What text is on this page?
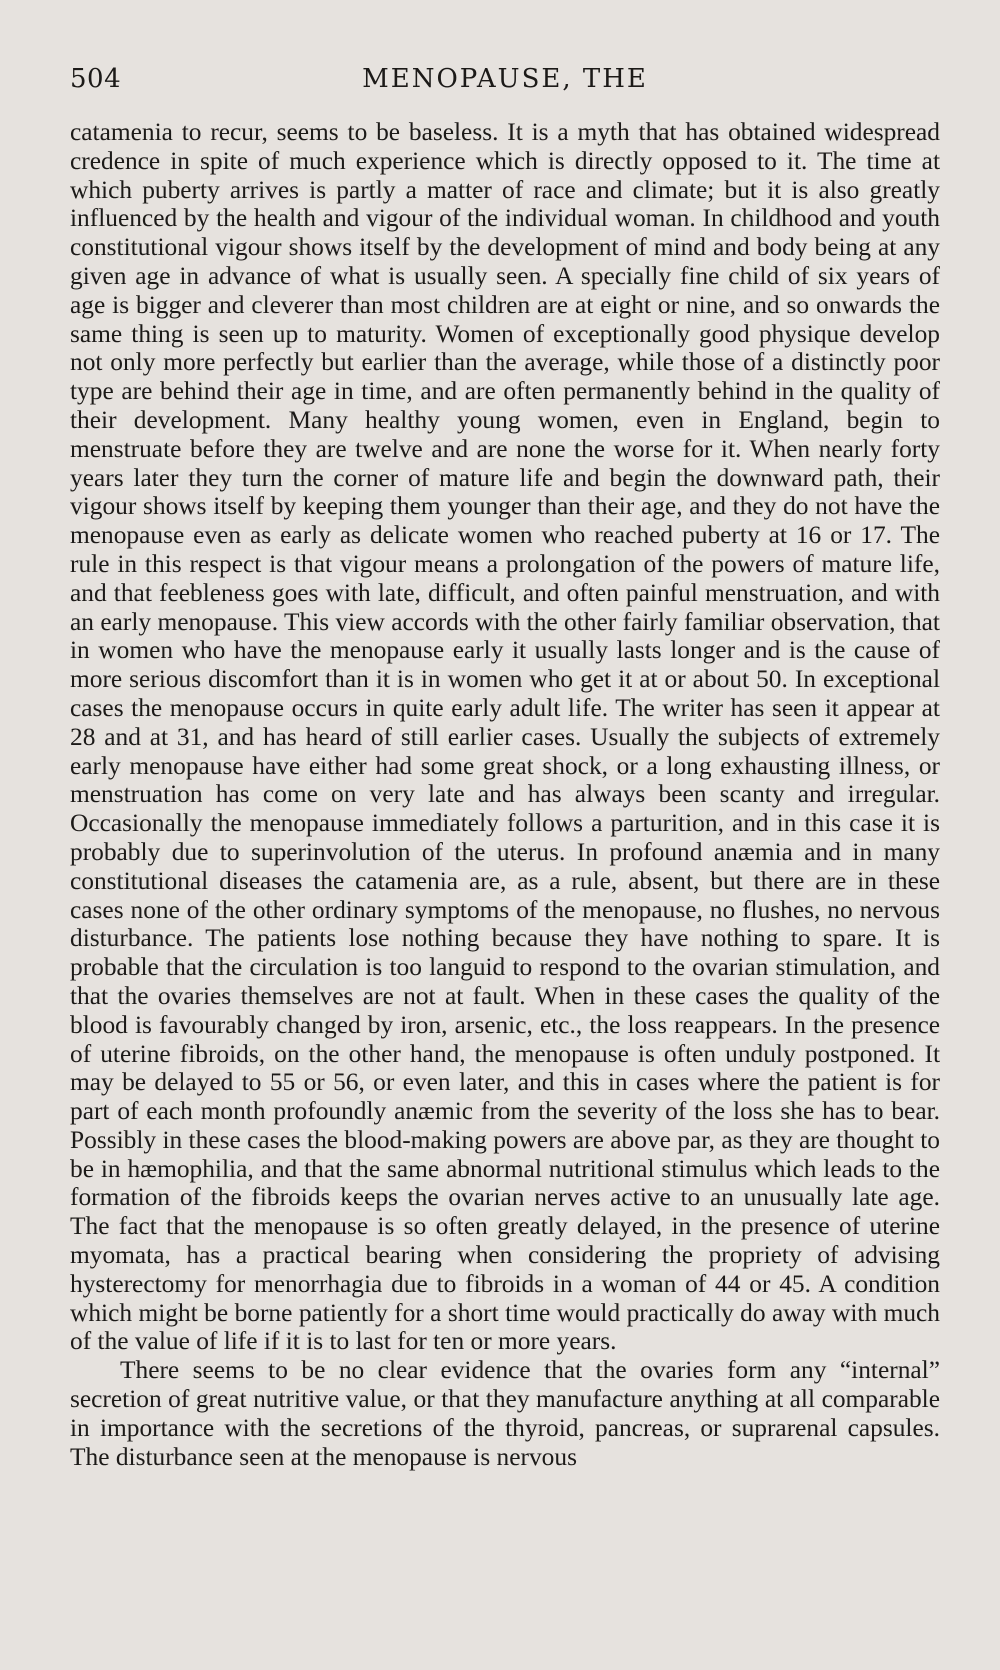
504	MENOPAUSE, THE

catamenia to recur, seems to be baseless. It is a myth that has obtained widespread credence in spite of much experience which is directly opposed to it. The time at which puberty arrives is partly a matter of race and climate; but it is also greatly influenced by the health and vigour of the individual woman. In childhood and youth constitutional vigour shows itself by the development of mind and body being at any given age in advance of what is usually seen. A specially fine child of six years of age is bigger and cleverer than most children are at eight or nine, and so onwards the same thing is seen up to maturity. Women of exceptionally good physique develop not only more perfectly but earlier than the average, while those of a distinctly poor type are behind their age in time, and are often permanently behind in the quality of their development. Many healthy young women, even in England, begin to menstruate before they are twelve and are none the worse for it. When nearly forty years later they turn the corner of mature life and begin the downward path, their vigour shows itself by keeping them younger than their age, and they do not have the menopause even as early as delicate women who reached puberty at 16 or 17. The rule in this respect is that vigour means a prolongation of the powers of mature life, and that feebleness goes with late, difficult, and often painful menstruation, and with an early menopause. This view accords with the other fairly familiar observation, that in women who have the menopause early it usually lasts longer and is the cause of more serious discomfort than it is in women who get it at or about 50. In exceptional cases the menopause occurs in quite early adult life. The writer has seen it appear at 28 and at 31, and has heard of still earlier cases. Usually the subjects of extremely early menopause have either had some great shock, or a long exhausting illness, or menstruation has come on very late and has always been scanty and irregular. Occasionally the menopause immediately follows a parturition, and in this case it is probably due to superinvolution of the uterus. In profound anæmia and in many constitutional diseases the catamenia are, as a rule, absent, but there are in these cases none of the other ordinary symptoms of the menopause, no flushes, no nervous disturbance. The patients lose nothing because they have nothing to spare. It is probable that the circulation is too languid to respond to the ovarian stimulation, and that the ovaries themselves are not at fault. When in these cases the quality of the blood is favourably changed by iron, arsenic, etc., the loss reappears. In the presence of uterine fibroids, on the other hand, the menopause is often unduly postponed. It may be delayed to 55 or 56, or even later, and this in cases where the patient is for part of each month profoundly anæmic from the severity of the loss she has to bear. Possibly in these cases the blood-making powers are above par, as they are thought to be in hæmophilia, and that the same abnormal nutritional stimulus which leads to the formation of the fibroids keeps the ovarian nerves active to an unusually late age. The fact that the menopause is so often greatly delayed, in the presence of uterine myomata, has a practical bearing when considering the propriety of advising hysterectomy for menorrhagia due to fibroids in a woman of 44 or 45. A condition which might be borne patiently for a short time would practically do away with much of the value of life if it is to last for ten or more years.

There seems to be no clear evidence that the ovaries form any “internal” secretion of great nutritive value, or that they manufacture anything at all comparable in importance with the secretions of the thyroid, pancreas, or suprarenal capsules. The disturbance seen at the menopause is nervous
